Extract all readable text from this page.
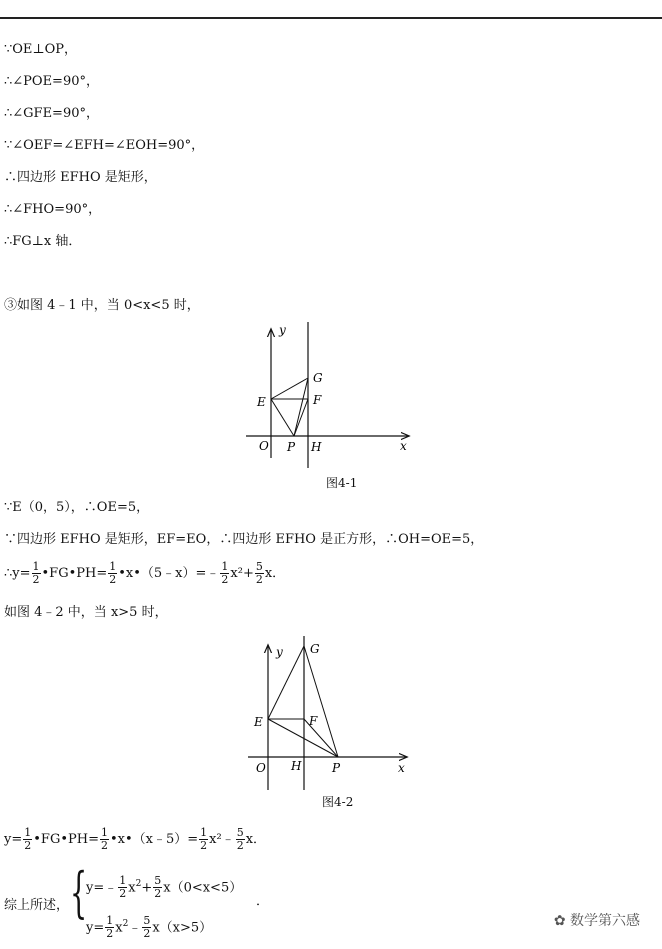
∵OE⊥OP，
∴∠POE=90°，
∴∠GFE=90°，
∵∠OEF=∠EFH=∠EOH=90°，
∴四边形 EFHO 是矩形，
∴∠FHO=90°，
∴FG⊥x 轴．
③如图 4﹣1 中，当 0<x<5 时，
y
x
O
E
P H
G
F
图4-1
∵E（0，5），∴OE=5，
∵四边形 EFHO 是矩形，EF=EO，∴四边形 EFHO 是正方形，∴OH=OE=5，
∴y= $\frac{1}{2}$ •FG•PH= $\frac{1}{2}$ •x•（5﹣x）=﹣ $\frac{1}{2} x^2+ \frac{5}{2}$ x．
如图 4﹣2 中，当 x>5 时，
y
x
O
E
P
H
G
F
图4-2
$y= \frac{1}{2}$ •FG•PH= $\frac{1}{2}$ •x•（x﹣5）= $\frac{1}{2}$ x²﹣ $\frac{5}{2}$ x．
综上所述， {
y=﹣ $\frac{1}{2} x^2+ \frac{5}{2} x(0<x<5)$
$y= \frac{1}{2}$ $x^2﹣ \frac{5}{2} x(x>5)$
．
✿ 数学第六感
